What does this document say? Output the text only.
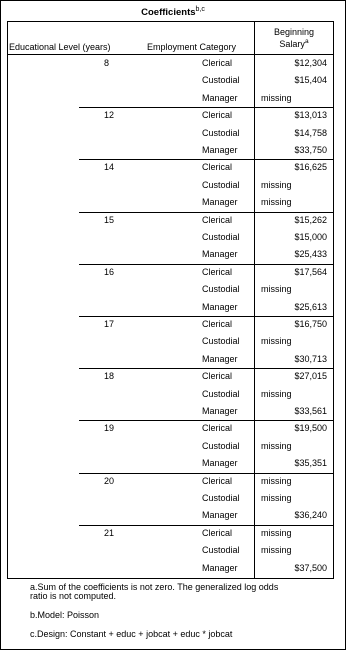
Coefficients$^{b,c}$
Educational Level (years)	Employment Category
Beginning
Salary$^a$
8	Clerical	$12,304
Custodial	$15,404
Manager	missing
12	Clerical	$13,013
Custodial	$14,758
Manager	$33,750
14	Clerical	$16,625
Custodial missing
Manager	missing
15	Clerical	$15,262
Custodial	$15,000
Manager	$25,433
16	Clerical	$17,564
Custodial missing
Manager	$25,613
17	Clerical	$16,750
Custodial missing
Manager	$30,713
18	Clerical	$27,015
Custodial missing
Manager	$33,561
19	Clerical	$19,500
Custodial missing
Manager	$35,351
20	Clerical	missing
Custodial missing
Manager	$36,240
21	Clerical	missing
Custodial missing
Manager	$37,500
a.Sum of the coefficients is not zero. The generalized log odds
ratio is not computed.
b.Model: Poisson
c.Design: Constant + educ + jobcat + educ * jobcat
